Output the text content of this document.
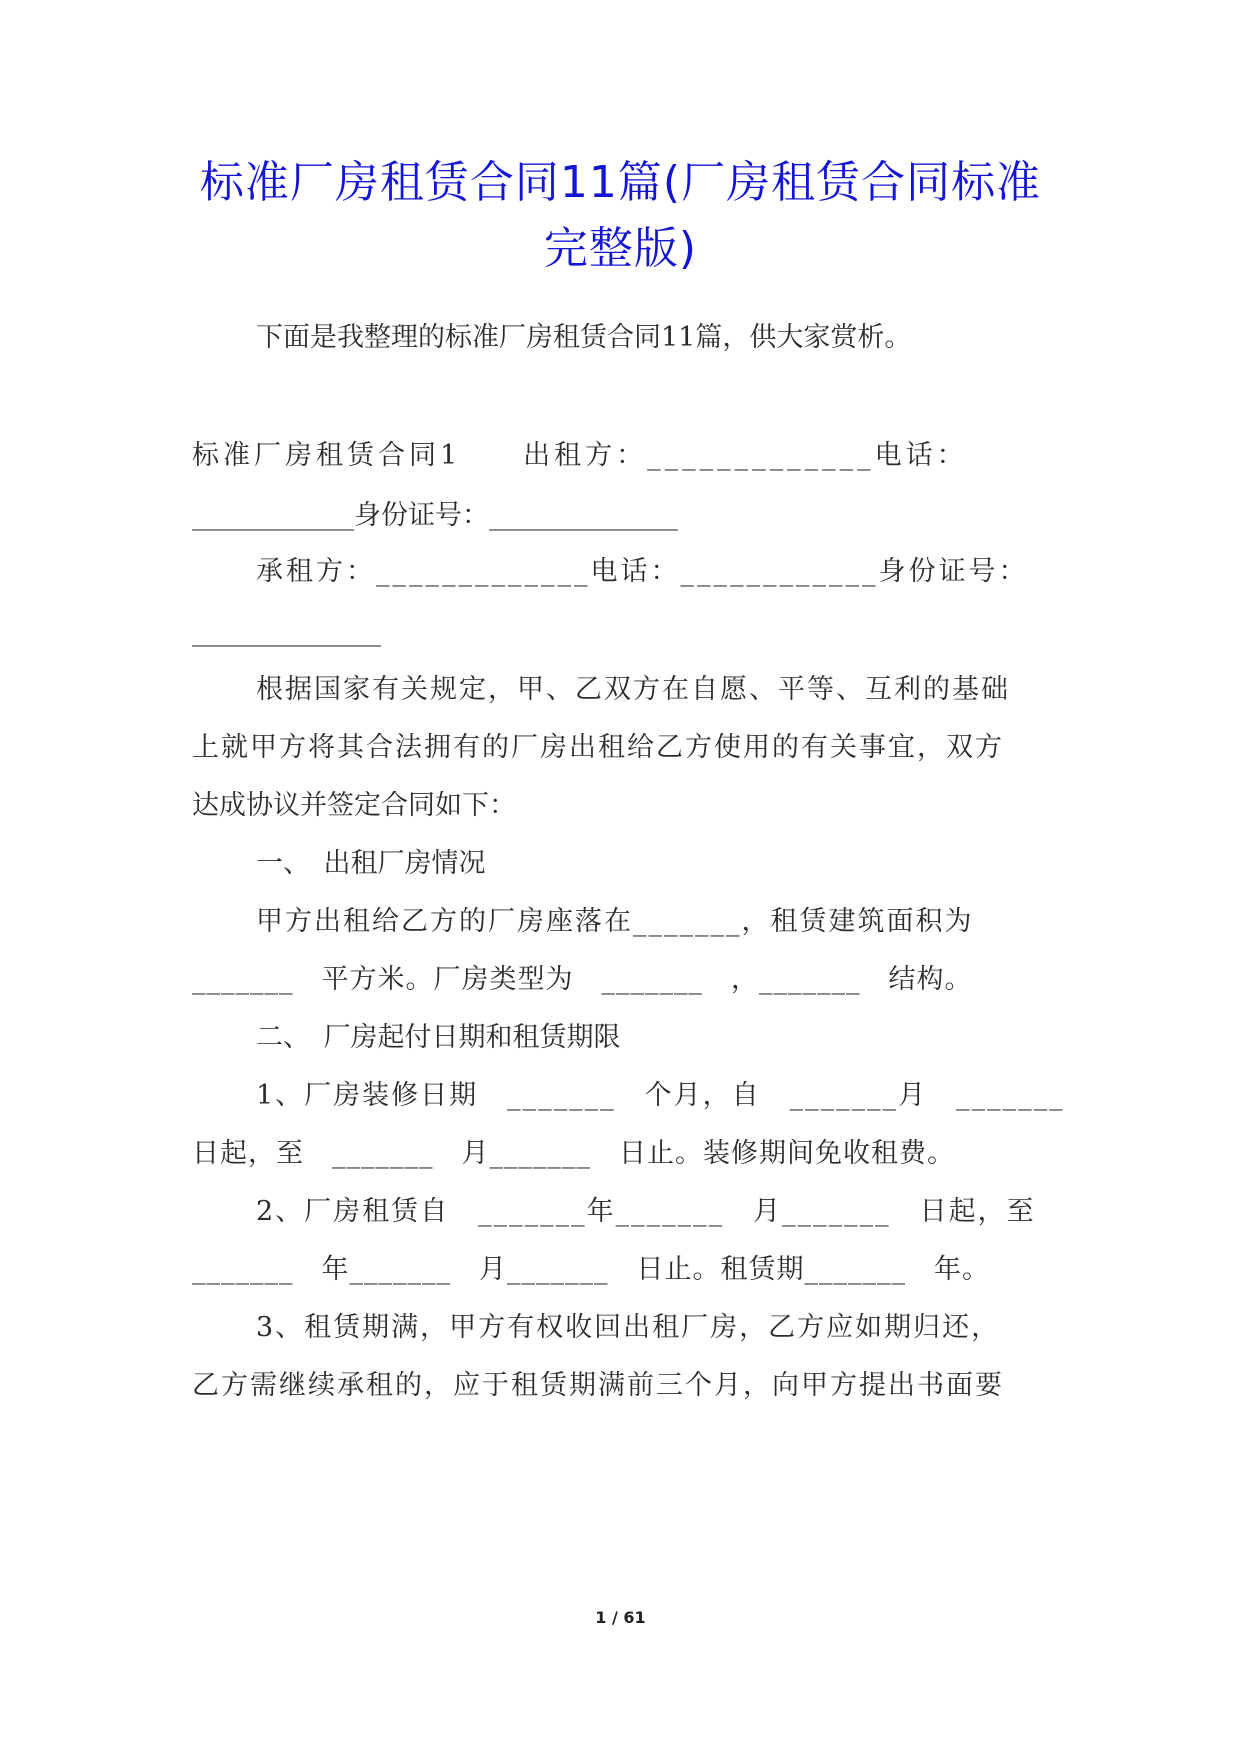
标准厂房租赁合同11篇(厂房租赁合同标准
完整版)
下面是我整理的标准厂房租赁合同11篇，供大家赏析。
标准厂房租赁合同1　　出租方：_____________电话：
____________身份证号：______________
承租方：_____________电话：____________身份证号：
______________
根据国家有关规定，甲、乙双方在自愿、平等、互利的基础
上就甲方将其合法拥有的厂房出租给乙方使用的有关事宜，双方
达成协议并签定合同如下：
一、　出租厂房情况
甲方出租给乙方的厂房座落在_______，租赁建筑面积为
_______　平方米。厂房类型为　_______　，_______　结构。
二、　厂房起付日期和租赁期限
1、厂房装修日期　_______　个月，自　_______月　_______
日起，至　_______　月_______　日止。装修期间免收租费。
2、厂房租赁自　_______年_______　月_______　日起，至
_______　年_______　月_______　日止。租赁期_______　年。
3、租赁期满，甲方有权收回出租厂房，乙方应如期归还，
乙方需继续承租的，应于租赁期满前三个月，向甲方提出书面要
1 / 61
